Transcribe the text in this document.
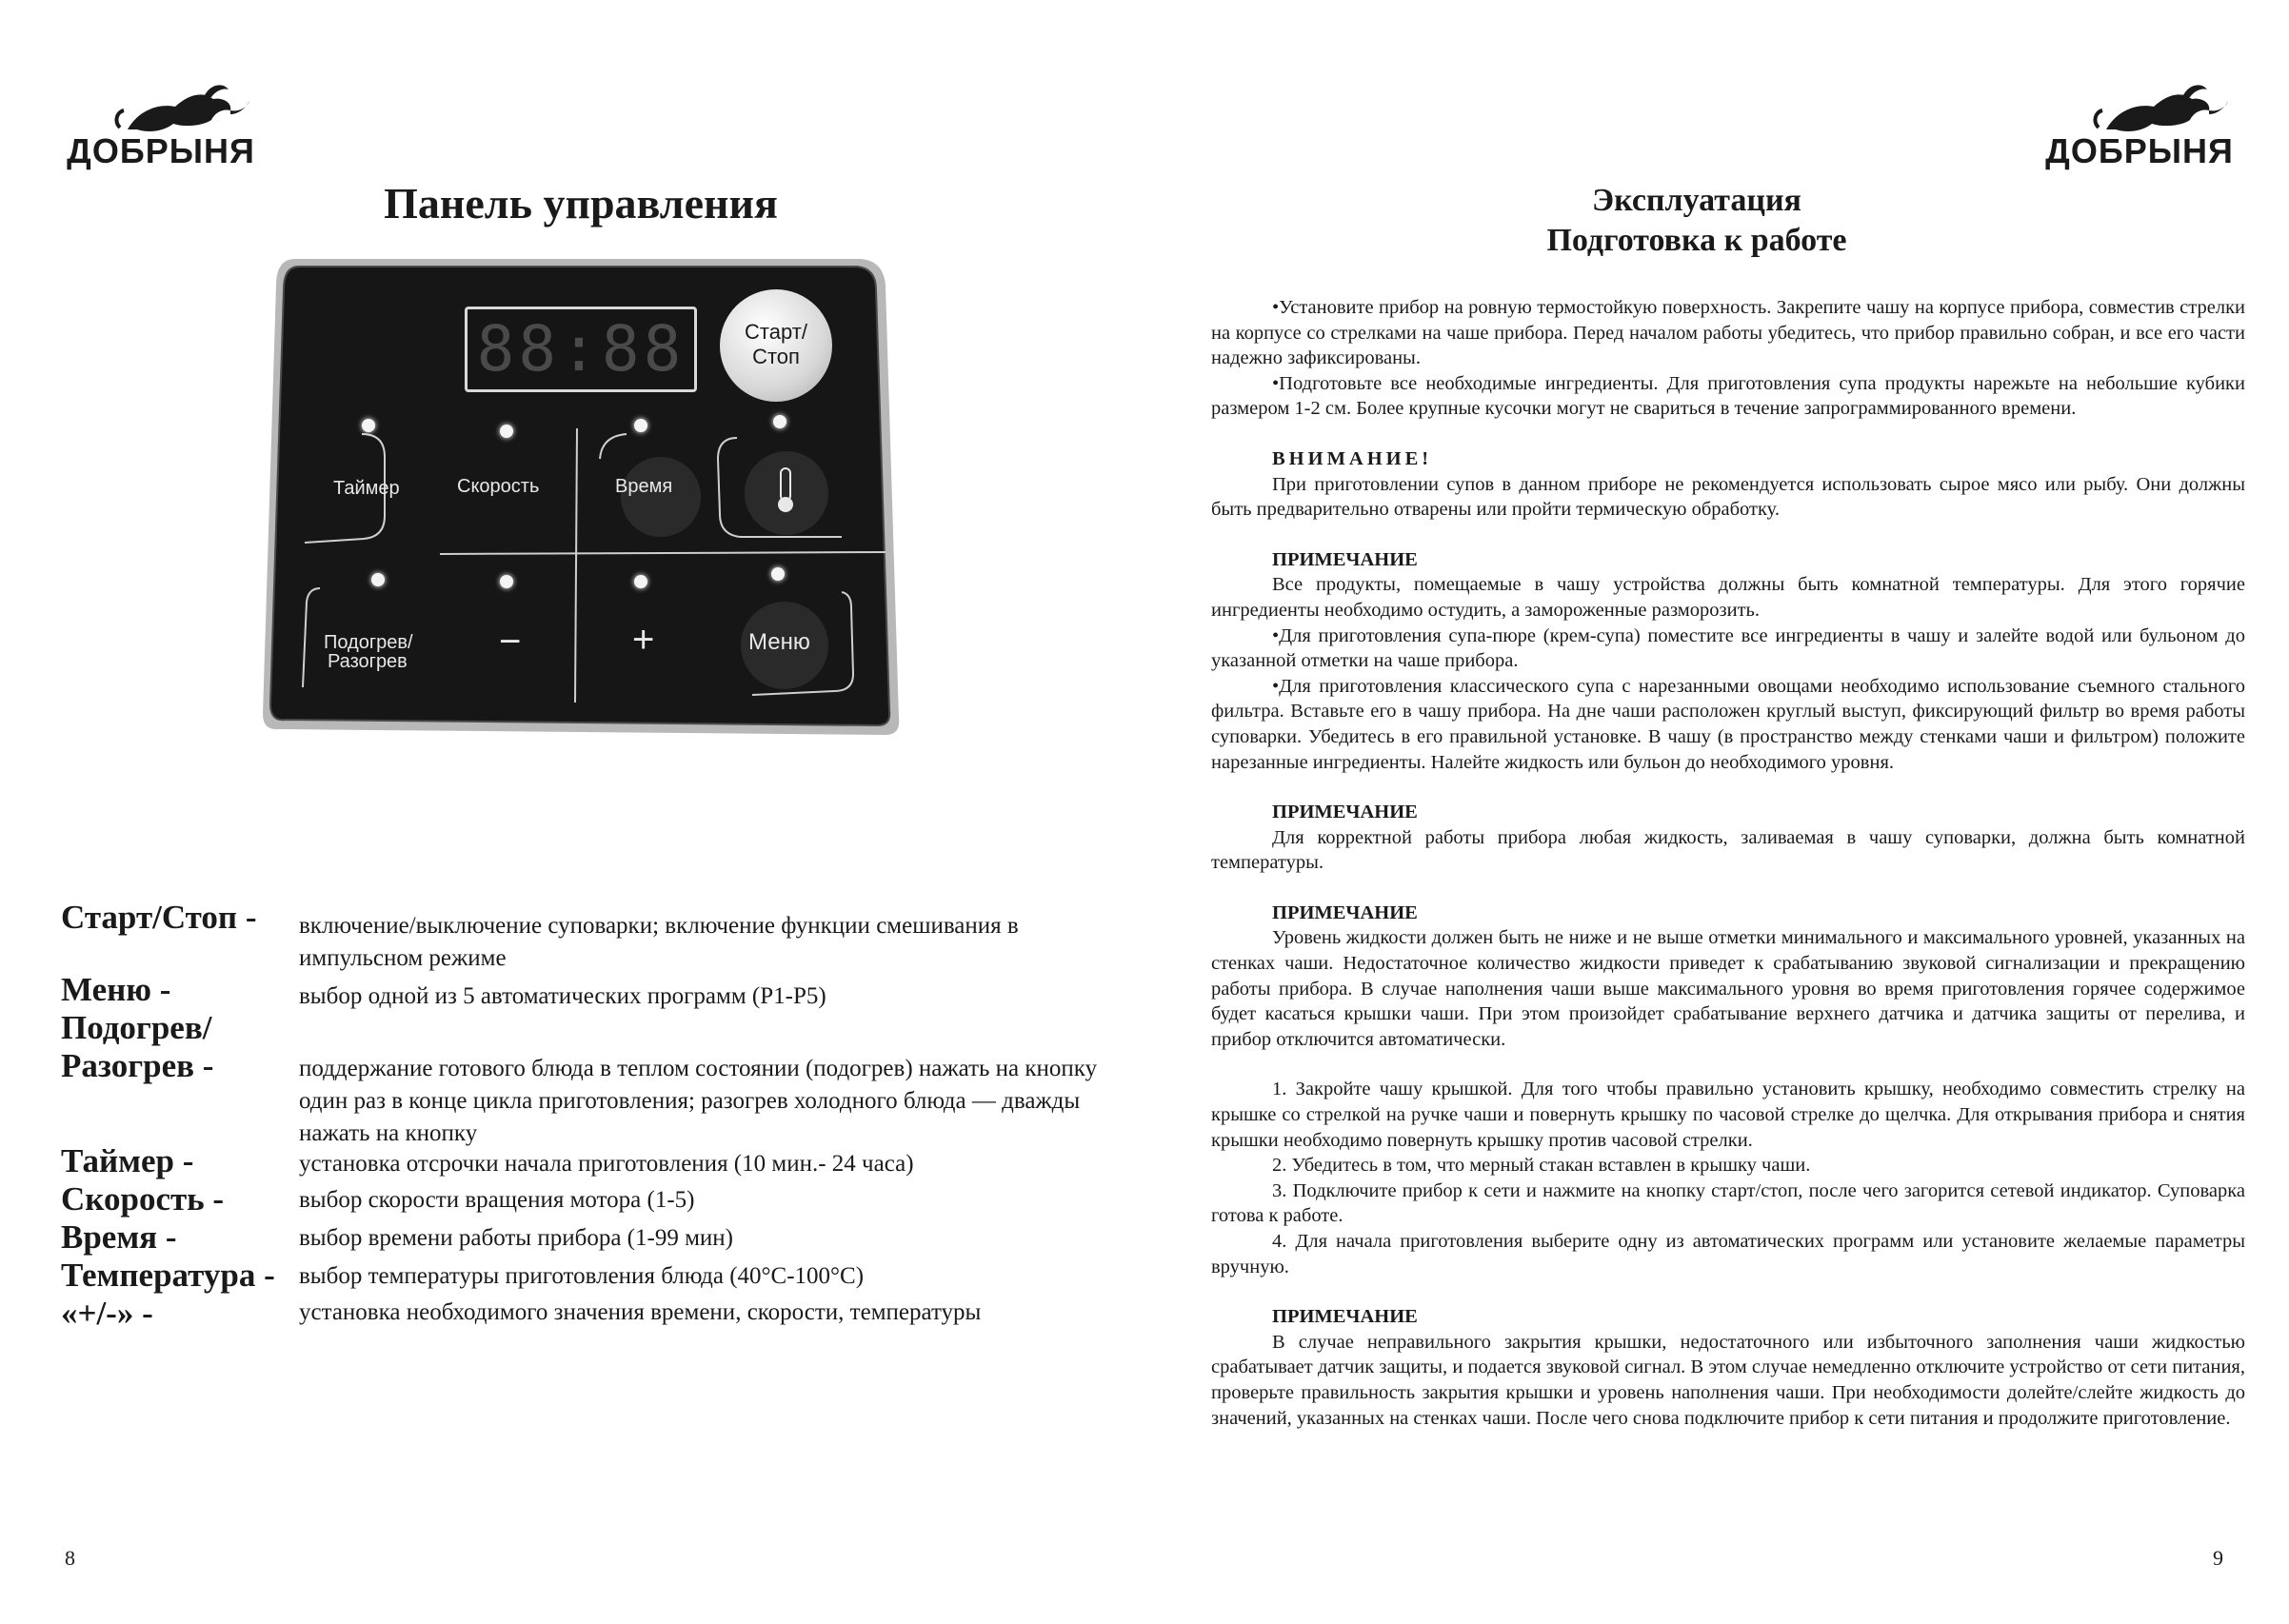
ДОБРЫНЯ
Панель управления
88:88	Старт/
Стоп
Таймер	Скорость	Время
Подогрев/
Разогрев −	+	Меню
Старт/Стоп - включение/выключение суповарки; включение функции смешивания в импульсном режиме
Меню -	выбор одной из 5 автоматических программ (Р1-Р5)
Подогрев/
Разогрев -	поддержание готового блюда в теплом состоянии (подогрев) нажать на кнопку один раз в конце цикла приготовления; разогрев холодного блюда — дважды нажать на кнопку
Таймер -	установка отсрочки начала приготовления (10 мин.- 24 часа)
Скорость -	выбор скорости вращения мотора (1-5)
Время -	выбор времени работы прибора (1-99 мин)
Температура - выбор температуры приготовления блюда (40°С-100°С)
«+/-» -	установка необходимого значения времени, скорости, температуры
8
ДОБРЫНЯ
Эксплуатация
Подготовка к работе

•Установите прибор на ровную термостойкую поверхность. Закрепите чашу на корпусе прибора, совместив стрелки на корпусе со стрелками на чаше прибора. Перед началом работы убедитесь, что прибор правильно собран, и все его части надежно зафиксированы.

•Подготовьте все необходимые ингредиенты. Для приготовления супа продукты нарежьте на небольшие кубики размером 1-2 см. Более крупные кусочки могут не свариться в течение запрограммированного времени.

ВНИМАНИЕ!

При приготовлении супов в данном приборе не рекомендуется использовать сырое мясо или рыбу. Они должны быть предварительно отварены или пройти термическую обработку.

ПРИМЕЧАНИЕ

Все продукты, помещаемые в чашу устройства должны быть комнатной температуры. Для этого горячие ингредиенты необходимо остудить, а замороженные разморозить.

•Для приготовления супа-пюре (крем-супа) поместите все ингредиенты в чашу и залейте водой или бульоном до указанной отметки на чаше прибора.

•Для приготовления классического супа с нарезанными овощами необходимо использование съемного стального фильтра. Вставьте его в чашу прибора. На дне чаши расположен круглый выступ, фиксирующий фильтр во время работы суповарки. Убедитесь в его правильной установке. В чашу (в пространство между стенками чаши и фильтром) положите нарезанные ингредиенты. Налейте жидкость или бульон до необходимого уровня.

ПРИМЕЧАНИЕ

Для корректной работы прибора любая жидкость, заливаемая в чашу суповарки, должна быть комнатной температуры.

ПРИМЕЧАНИЕ

Уровень жидкости должен быть не ниже и не выше отметки минимального и максимального уровней, указанных на стенках чаши. Недостаточное количество жидкости приведет к срабатыванию звуковой сигнализации и прекращению работы прибора. В случае наполнения чаши выше максимального уровня во время приготовления горячее содержимое будет касаться крышки чаши. При этом произойдет срабатывание верхнего датчика и датчика защиты от перелива, и прибор отключится автоматически.

1. Закройте чашу крышкой. Для того чтобы правильно установить крышку, необходимо совместить стрелку на крышке со стрелкой на ручке чаши и повернуть крышку по часовой стрелке до щелчка. Для открывания прибора и снятия крышки необходимо повернуть крышку против часовой стрелки.

2. Убедитесь в том, что мерный стакан вставлен в крышку чаши.

3. Подключите прибор к сети и нажмите на кнопку старт/стоп, после чего загорится сетевой индикатор. Суповарка готова к работе.

4. Для начала приготовления выберите одну из автоматических программ или установите желаемые параметры вручную.

ПРИМЕЧАНИЕ

В случае неправильного закрытия крышки, недостаточного или избыточного заполнения чаши жидкостью срабатывает датчик защиты, и подается звуковой сигнал. В этом случае немедленно отключите устройство от сети питания, проверьте правильность закрытия крышки и уровень наполнения чаши. При необходимости долейте/слейте жидкость до значений, указанных на стенках чаши. После чего снова подключите прибор к сети питания и продолжите приготовление.

9
